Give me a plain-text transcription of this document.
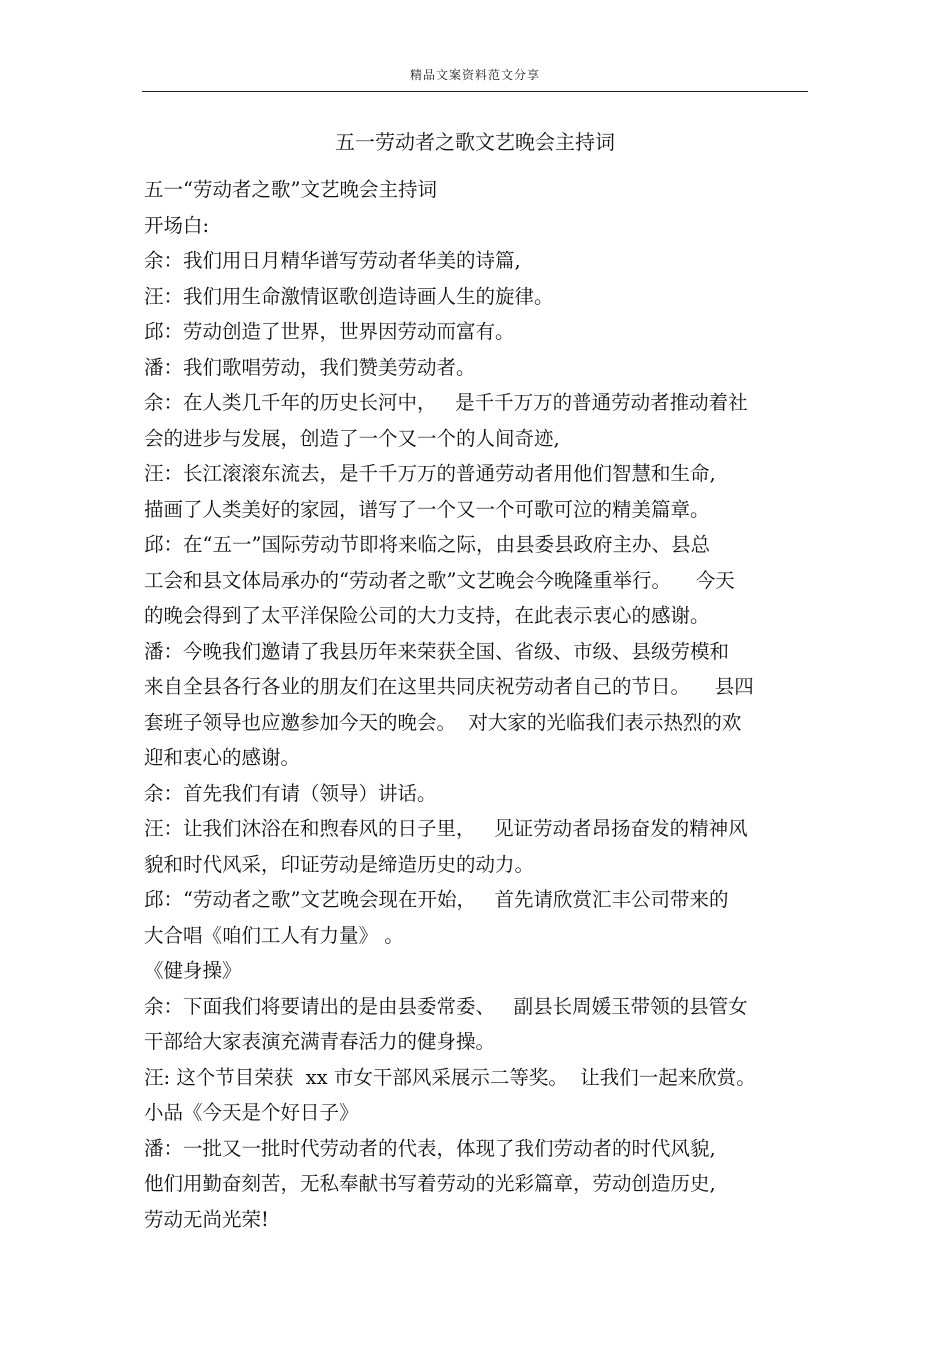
精品文案资料范文分享
五一劳动者之歌文艺晚会主持词
五一“劳动者之歌”文艺晚会主持词
开场白:
余：我们用日月精华谱写劳动者华美的诗篇,
汪：我们用生命激情讴歌创造诗画人生的旋律。
邱：劳动创造了世界，世界因劳动而富有。
潘：我们歌唱劳动，我们赞美劳动者。
余：在人类几千年的历史长河中，   是千千万万的普通劳动者推动着社
会的进步与发展，创造了一个又一个的人间奇迹,
汪：长江滚滚东流去，是千千万万的普通劳动者用他们智慧和生命,
描画了人类美好的家园，谱写了一个又一个可歌可泣的精美篇章。
邱：在“五一”国际劳动节即将来临之际，由县委县政府主办、县总
工会和县文体局承办的“劳动者之歌”文艺晚会今晚隆重举行。    今天
的晚会得到了太平洋保险公司的大力支持，在此表示衷心的感谢。
潘：今晚我们邀请了我县历年来荣获全国、省级、市级、县级劳模和
来自全县各行各业的朋友们在这里共同庆祝劳动者自己的节日。    县四
套班子领导也应邀参加今天的晚会。  对大家的光临我们表示热烈的欢
迎和衷心的感谢。
余：首先我们有请（领导）讲话。
汪：让我们沐浴在和煦春风的日子里，   见证劳动者昂扬奋发的精神风
貌和时代风采，印证劳动是缔造历史的动力。
邱：“劳动者之歌”文艺晚会现在开始，   首先请欣赏汇丰公司带来的
大合唱《咱们工人有力量》 。
《健身操》
余：下面我们将要请出的是由县委常委、   副县长周媛玉带领的县管女
干部给大家表演充满青春活力的健身操。
汪: 这个节目荣获  xx 市女干部风采展示二等奖。  让我们一起来欣赏。
小品《今天是个好日子》
潘：一批又一批时代劳动者的代表，体现了我们劳动者的时代风貌,
他们用勤奋刻苦，无私奉献书写着劳动的光彩篇章，劳动创造历史,
劳动无尚光荣!
